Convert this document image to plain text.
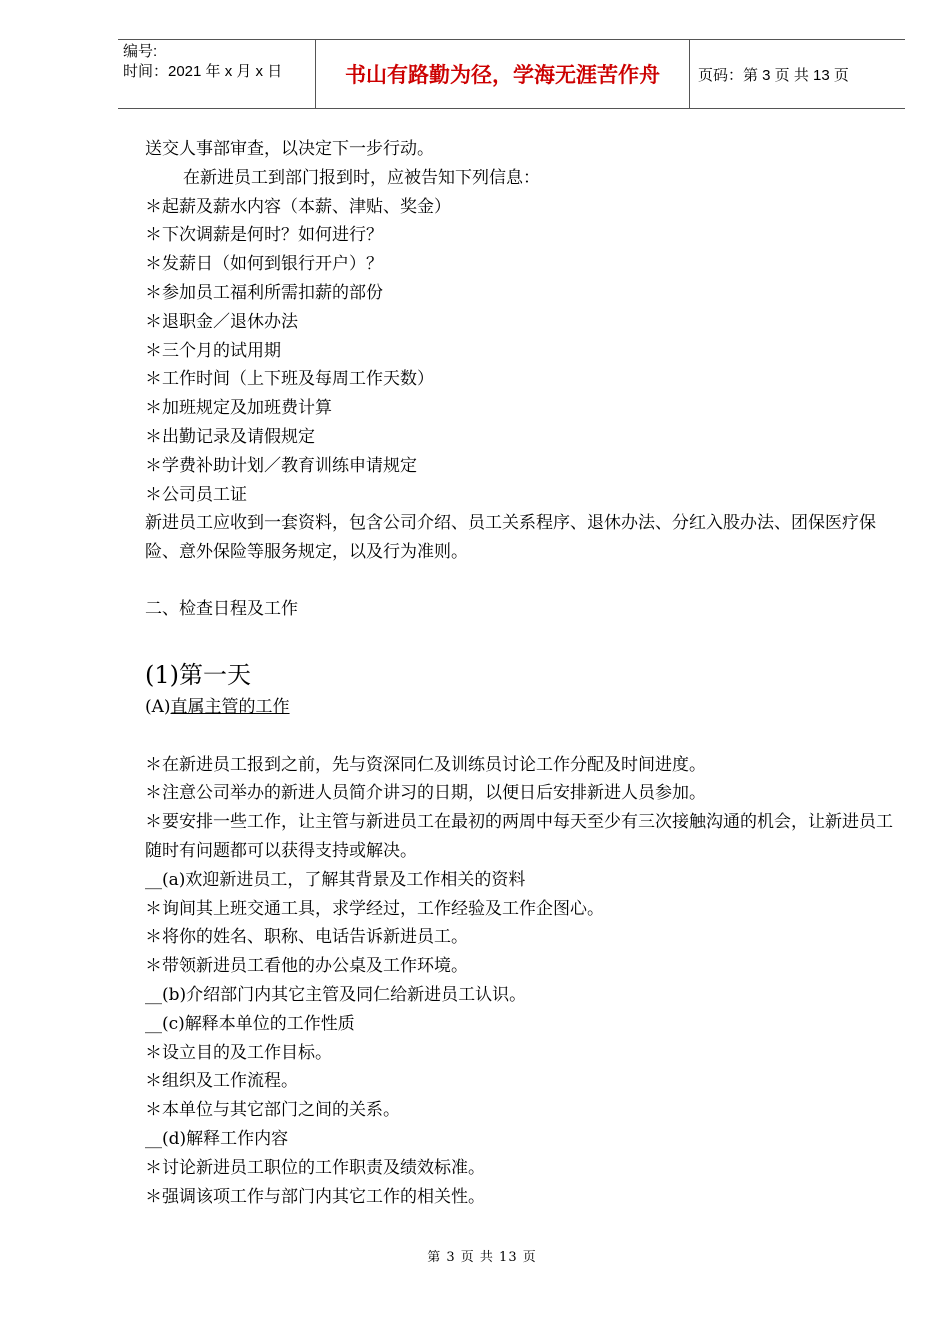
编号:
时间：2021 年 x 月 x 日	书山有路勤为径，学海无涯苦作舟	页码：第 3 页 共 13 页
送交人事部审查，以决定下一步行动。
在新进员工到部门报到时，应被告知下列信息：
＊起薪及薪水内容（本薪、津贴、奖金）
＊下次调薪是何时？如何进行？
＊发薪日（如何到银行开户）？
＊参加员工福利所需扣薪的部份
＊退职金／退休办法
＊三个月的试用期
＊工作时间（上下班及每周工作天数）
＊加班规定及加班费计算
＊出勤记录及请假规定
＊学费补助计划／教育训练申请规定
＊公司员工证
新进员工应收到一套资料，包含公司介绍、员工关系程序、退休办法、分红入股办法、团保医疗保险、意外保险等服务规定，以及行为准则。
二、检查日程及工作
(1)第一天
(A)直属主管的工作
＊在新进员工报到之前，先与资深同仁及训练员讨论工作分配及时间进度。
＊注意公司举办的新进人员简介讲习的日期，以便日后安排新进人员参加。
＊要安排一些工作，让主管与新进员工在最初的两周中每天至少有三次接触沟通的机会，让新进员工随时有问题都可以获得支持或解决。
__(a)欢迎新进员工，了解其背景及工作相关的资料
＊询间其上班交通工具，求学经过，工作经验及工作企图心。
＊将你的姓名、职称、电话告诉新进员工。
＊带领新进员工看他的办公桌及工作环境。
__(b)介绍部门内其它主管及同仁给新进员工认识。
__(c)解释本单位的工作性质
＊设立目的及工作目标。
＊组织及工作流程。
＊本单位与其它部门之间的关系。
__(d)解释工作内容
＊讨论新进员工职位的工作职责及绩效标准。
＊强调该项工作与部门内其它工作的相关性。
第 3 页 共 13 页
